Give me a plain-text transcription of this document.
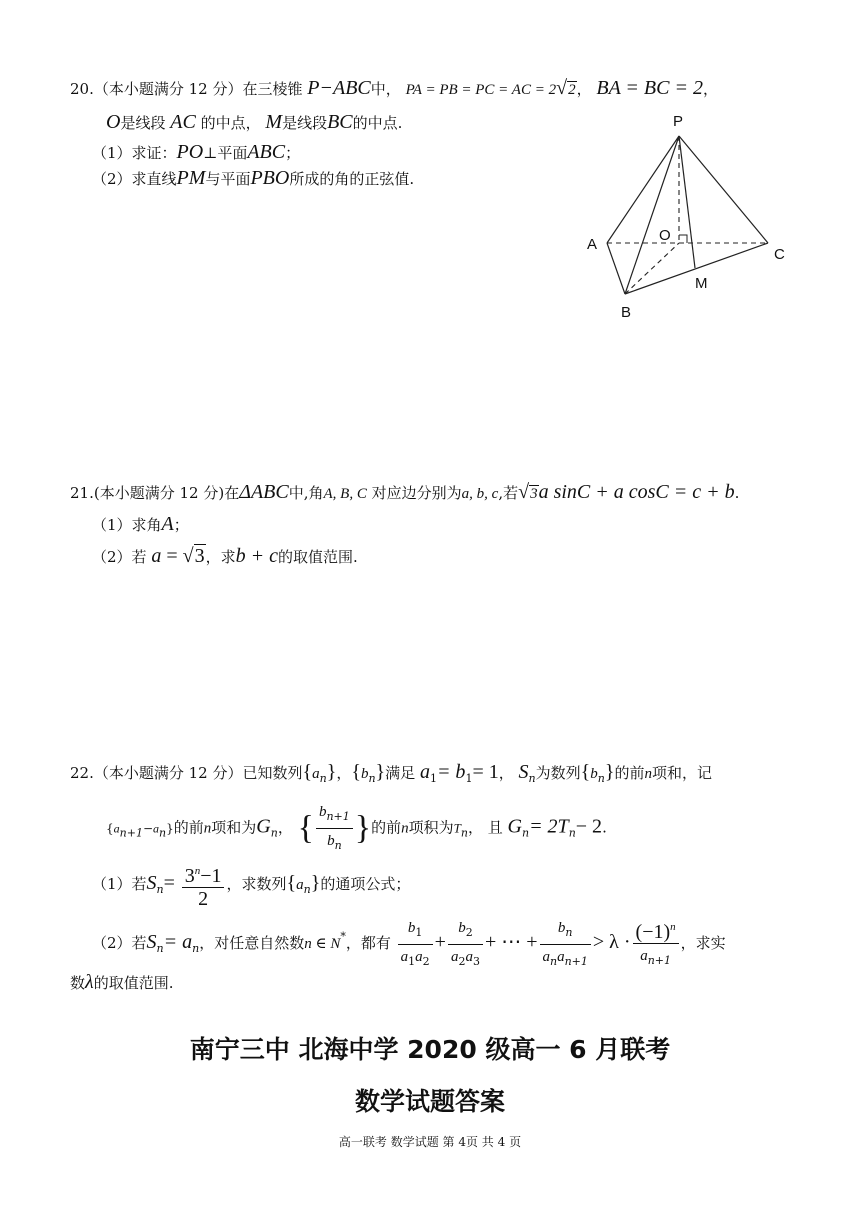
20.（本小题满分 12 分）在三棱锥 P−ABC中， PA = PB = PC = AC = 2√2， BA = BC = 2，
O是线段 AC 的中点， M是线段BC的中点.
（1）求证：PO⊥平面ABC；
（2）求直线PM与平面PBO所成的角的正弦值.
P
A
O
C
M
B
21.(本小题满分 12 分)在ΔABC中,角A, B, C 对应边分别为a, b, c,若√3a sinC + a cosC = c + b.
（1）求角A；
（2）若 a = √3，求b + c的取值范围.
22.（本小题满分 12 分）已知数列$\{a_n\}$，$\{b_n\}$满足 $a_1= b_1= 1$， $S_n$为数列$\{b_n\}$的前n项和，记
$\{a_{n+1}-a_n\}$的前n项和为$G_n$， { $\frac{b_{n+1}}{b_n}$ }的前n项积为$T_n$， 且 $G_n= 2T_n- 2$.
（1）若$S_n= \frac{3^n-1}{2}$ ，求数列$\{a_n\}$的通项公式；
（2）若$S_n= a_n$，对任意自然数n ∈ N*，都有 $\frac{b_1}{a_1a_2} + \frac{b_2}{a_2a_3}$ + ⋯ + $\frac{b_n}{a_na_{n+1}} > \lambda \cdot \frac{(-1)^n}{a_{n+1}}$ ，求实
数λ的取值范围.
南宁三中 北海中学 2020 级高一 6 月联考
数学试题答案
高一联考 数学试题 第 4页 共 4 页
